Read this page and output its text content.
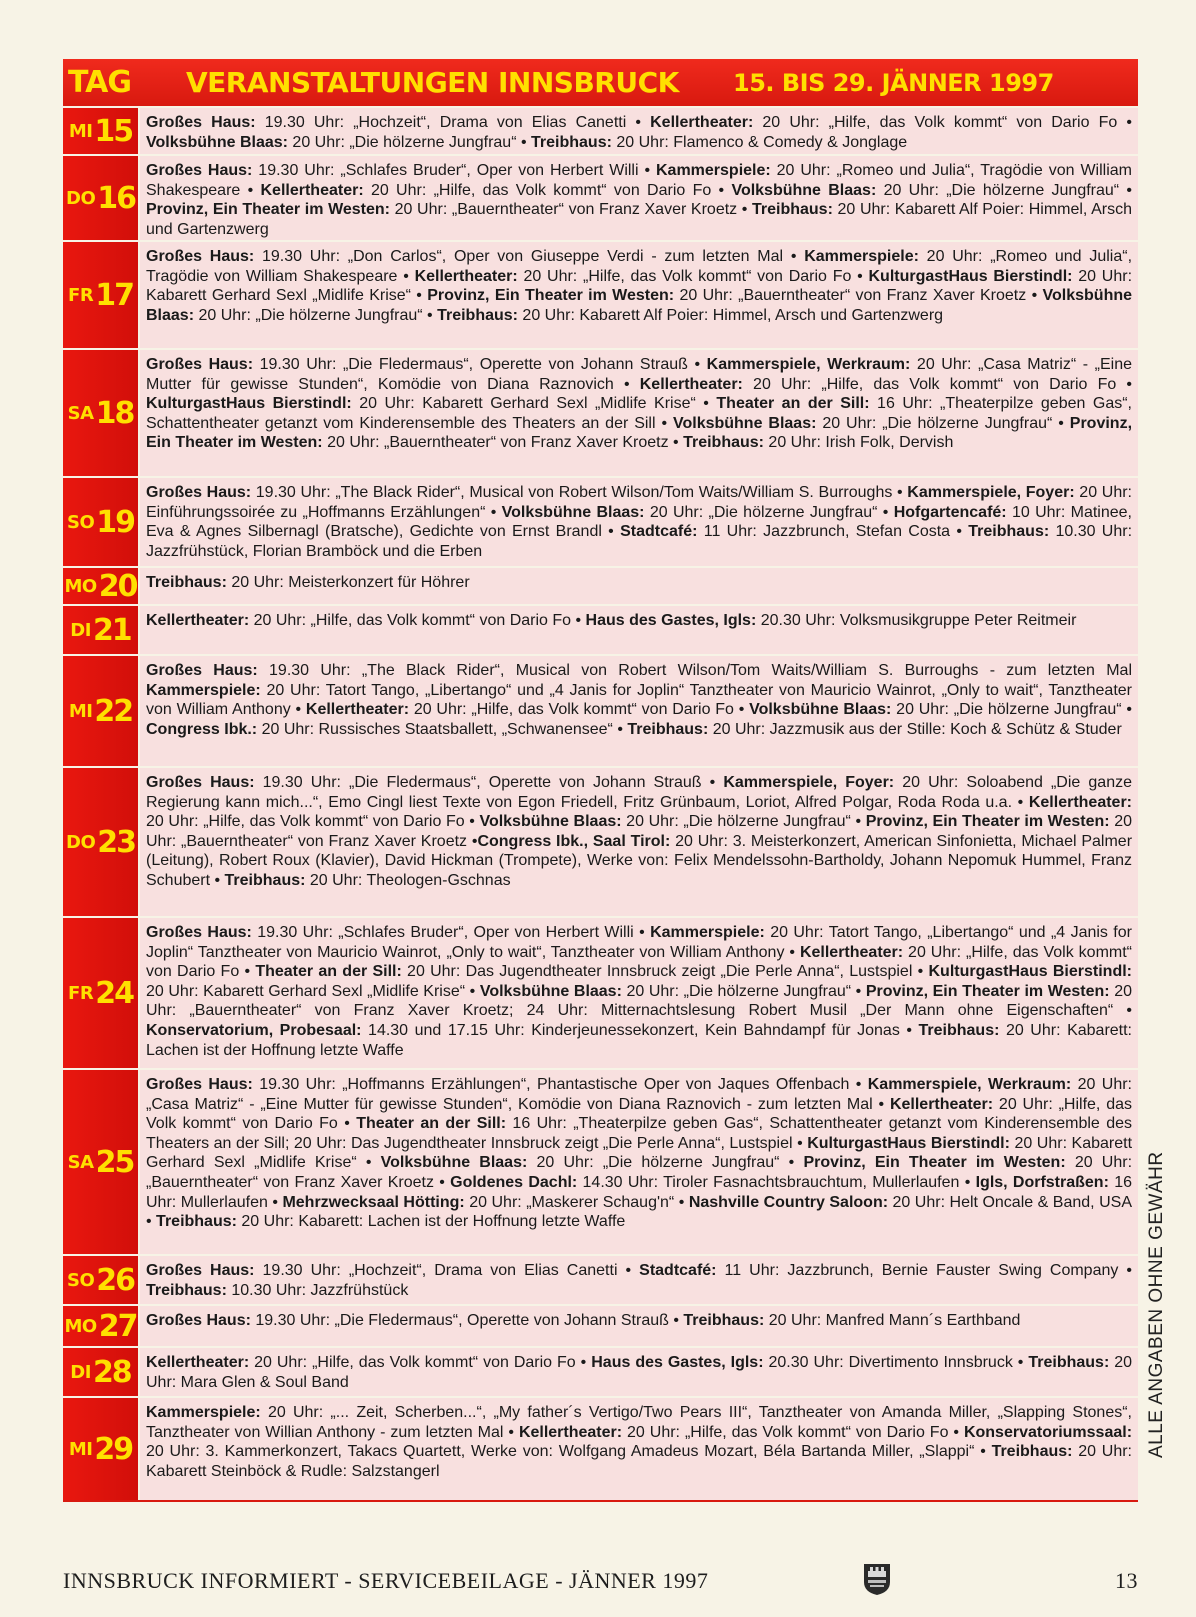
TAG	VERANSTALTUNGEN INNSBRUCK	15. BIS 29. JÄNNER 1997
MI 15 Großes Haus: 19.30 Uhr: „Hochzeit“, Drama von Elias Canetti • Kellertheater: 20 Uhr: „Hilfe, das Volk kommt“ von Dario Fo • Volksbühne Blaas: 20 Uhr: „Die hölzerne Jungfrau“ • Treibhaus: 20 Uhr: Flamenco & Comedy & Jonglage
DO 16
Großes Haus: 19.30 Uhr: „Schlafes Bruder“, Oper von Herbert Willi • Kammerspiele: 20 Uhr: „Romeo und Julia“, Tragödie von William Shakespeare • Kellertheater: 20 Uhr: „Hilfe, das Volk kommt“ von Dario Fo • Volksbühne Blaas: 20 Uhr: „Die hölzerne Jungfrau“ • Provinz, Ein Theater im Westen: 20 Uhr: „Bauerntheater“ von Franz Xaver Kroetz • Treibhaus: 20 Uhr: Kabarett Alf Poier: Himmel, Arsch und Gartenzwerg
FR 17
Großes Haus: 19.30 Uhr: „Don Carlos“, Oper von Giuseppe Verdi - zum letzten Mal • Kammerspiele: 20 Uhr: „Romeo und Julia“, Tragödie von William Shakespeare • Kellertheater: 20 Uhr: „Hilfe, das Volk kommt“ von Dario Fo • KulturgastHaus Bierstindl: 20 Uhr: Kabarett Gerhard Sexl „Midlife Krise“ • Provinz, Ein Theater im Westen: 20 Uhr: „Bauerntheater“ von Franz Xaver Kroetz • Volksbühne Blaas: 20 Uhr: „Die hölzerne Jungfrau“ • Treibhaus: 20 Uhr: Kabarett Alf Poier: Himmel, Arsch und Gartenzwerg
SA 18
Großes Haus: 19.30 Uhr: „Die Fledermaus“, Operette von Johann Strauß • Kammerspiele, Werkraum: 20 Uhr: „Casa Matriz“ - „Eine Mutter für gewisse Stunden“, Komödie von Diana Raznovich • Kellertheater: 20 Uhr: „Hilfe, das Volk kommt“ von Dario Fo • KulturgastHaus Bierstindl: 20 Uhr: Kabarett Gerhard Sexl „Midlife Krise“ • Theater an der Sill: 16 Uhr: „Theaterpilze geben Gas“, Schattentheater getanzt vom Kinderensemble des Theaters an der Sill • Volksbühne Blaas: 20 Uhr: „Die hölzerne Jungfrau“ • Provinz, Ein Theater im Westen: 20 Uhr: „Bauerntheater“ von Franz Xaver Kroetz • Treibhaus: 20 Uhr: Irish Folk, Dervish
SO 19
Großes Haus: 19.30 Uhr: „The Black Rider“, Musical von Robert Wilson/Tom Waits/William S. Burroughs • Kammerspiele, Foyer: 20 Uhr: Einführungssoirée zu „Hoffmanns Erzählungen“ • Volksbühne Blaas: 20 Uhr: „Die hölzerne Jungfrau“ • Hofgartencafé: 10 Uhr: Matinee, Eva & Agnes Silbernagl (Bratsche), Gedichte von Ernst Brandl • Stadtcafé: 11 Uhr: Jazzbrunch, Stefan Costa • Treibhaus: 10.30 Uhr: Jazzfrühstück, Florian Bramböck und die Erben
MO 20 Treibhaus: 20 Uhr: Meisterkonzert für Höhrer
DI 21 Kellertheater: 20 Uhr: „Hilfe, das Volk kommt“ von Dario Fo • Haus des Gastes, Igls: 20.30 Uhr: Volksmusikgruppe Peter Reitmeir
MI 22
Großes Haus: 19.30 Uhr: „The Black Rider“, Musical von Robert Wilson/Tom Waits/William S. Burroughs - zum letzten Mal Kammerspiele: 20 Uhr: Tatort Tango, „Libertango“ und „4 Janis for Joplin“ Tanztheater von Mauricio Wainrot, „Only to wait“, Tanztheater von William Anthony • Kellertheater: 20 Uhr: „Hilfe, das Volk kommt“ von Dario Fo • Volksbühne Blaas: 20 Uhr: „Die hölzerne Jungfrau“ • Congress Ibk.: 20 Uhr: Russisches Staatsballett, „Schwanensee“ • Treibhaus: 20 Uhr: Jazzmusik aus der Stille: Koch & Schütz & Studer
DO 23
Großes Haus: 19.30 Uhr: „Die Fledermaus“, Operette von Johann Strauß • Kammerspiele, Foyer: 20 Uhr: Soloabend „Die ganze Regierung kann mich...“, Emo Cingl liest Texte von Egon Friedell, Fritz Grünbaum, Loriot, Alfred Polgar, Roda Roda u.a. • Kellertheater: 20 Uhr: „Hilfe, das Volk kommt“ von Dario Fo • Volksbühne Blaas: 20 Uhr: „Die hölzerne Jungfrau“ • Provinz, Ein Theater im Westen: 20 Uhr: „Bauerntheater“ von Franz Xaver Kroetz •Congress Ibk., Saal Tirol: 20 Uhr: 3. Meisterkonzert, American Sinfonietta, Michael Palmer (Leitung), Robert Roux (Klavier), David Hickman (Trompete), Werke von: Felix Mendelssohn-Bartholdy, Johann Nepomuk Hummel, Franz Schubert • Treibhaus: 20 Uhr: Theologen-Gschnas
FR 24
Großes Haus: 19.30 Uhr: „Schlafes Bruder“, Oper von Herbert Willi • Kammerspiele: 20 Uhr: Tatort Tango, „Libertango“ und „4 Janis for Joplin“ Tanztheater von Mauricio Wainrot, „Only to wait“, Tanztheater von William Anthony • Kellertheater: 20 Uhr: „Hilfe, das Volk kommt“ von Dario Fo • Theater an der Sill: 20 Uhr: Das Jugendtheater Innsbruck zeigt „Die Perle Anna“, Lustspiel • KulturgastHaus Bierstindl: 20 Uhr: Kabarett Gerhard Sexl „Midlife Krise“ • Volksbühne Blaas: 20 Uhr: „Die hölzerne Jungfrau“ • Provinz, Ein Theater im Westen: 20 Uhr: „Bauerntheater“ von Franz Xaver Kroetz; 24 Uhr: Mitternachtslesung Robert Musil „Der Mann ohne Eigenschaften“ • Konservatorium, Probesaal: 14.30 und 17.15 Uhr: Kinderjeunessekonzert, Kein Bahndampf für Jonas • Treibhaus: 20 Uhr: Kabarett: Lachen ist der Hoffnung letzte Waffe
SA 25
Großes Haus: 19.30 Uhr: „Hoffmanns Erzählungen“, Phantastische Oper von Jaques Offenbach • Kammerspiele, Werkraum: 20 Uhr: „Casa Matriz“ - „Eine Mutter für gewisse Stunden“, Komödie von Diana Raznovich - zum letzten Mal • Kellertheater: 20 Uhr: „Hilfe, das Volk kommt“ von Dario Fo • Theater an der Sill: 16 Uhr: „Theaterpilze geben Gas“, Schattentheater getanzt vom Kinderensemble des Theaters an der Sill; 20 Uhr: Das Jugendtheater Innsbruck zeigt „Die Perle Anna“, Lustspiel • KulturgastHaus Bierstindl: 20 Uhr: Kabarett Gerhard Sexl „Midlife Krise“ • Volksbühne Blaas: 20 Uhr: „Die hölzerne Jungfrau“ • Provinz, Ein Theater im Westen: 20 Uhr: „Bauerntheater“ von Franz Xaver Kroetz • Goldenes Dachl: 14.30 Uhr: Tiroler Fasnachtsbrauchtum, Mullerlaufen • Igls, Dorfstraßen: 16 Uhr: Mullerlaufen • Mehrzwecksaal Hötting: 20 Uhr: „Maskerer Schaug'n“ • Nashville Country Saloon: 20 Uhr: Helt Oncale & Band, USA • Treibhaus: 20 Uhr: Kabarett: Lachen ist der Hoffnung letzte Waffe
SO 26 Großes Haus: 19.30 Uhr: „Hochzeit“, Drama von Elias Canetti • Stadtcafé: 11 Uhr: Jazzbrunch, Bernie Fauster Swing Company • Treibhaus: 10.30 Uhr: Jazzfrühstück
MO 27 Großes Haus: 19.30 Uhr: „Die Fledermaus“, Operette von Johann Strauß • Treibhaus: 20 Uhr: Manfred Mann´s Earthband
DI 28 Kellertheater: 20 Uhr: „Hilfe, das Volk kommt“ von Dario Fo • Haus des Gastes, Igls: 20.30 Uhr: Divertimento Innsbruck • Treibhaus: 20 Uhr: Mara Glen & Soul Band
MI 29
Kammerspiele: 20 Uhr: „... Zeit, Scherben...“, „My father´s Vertigo/Two Pears III“, Tanztheater von Amanda Miller, „Slapping Stones“, Tanztheater von Willian Anthony - zum letzten Mal • Kellertheater: 20 Uhr: „Hilfe, das Volk kommt“ von Dario Fo • Konservatoriumssaal: 20 Uhr: 3. Kammerkonzert, Takacs Quartett, Werke von: Wolfgang Amadeus Mozart, Béla Bartanda Miller, „Slappi“ • Treibhaus: 20 Uhr: Kabarett Steinböck & Rudle: Salzstangerl
ALLE ANGABEN OHNE GEWÄHR
INNSBRUCK INFORMIERT - SERVICEBEILAGE - JÄNNER 1997	13
